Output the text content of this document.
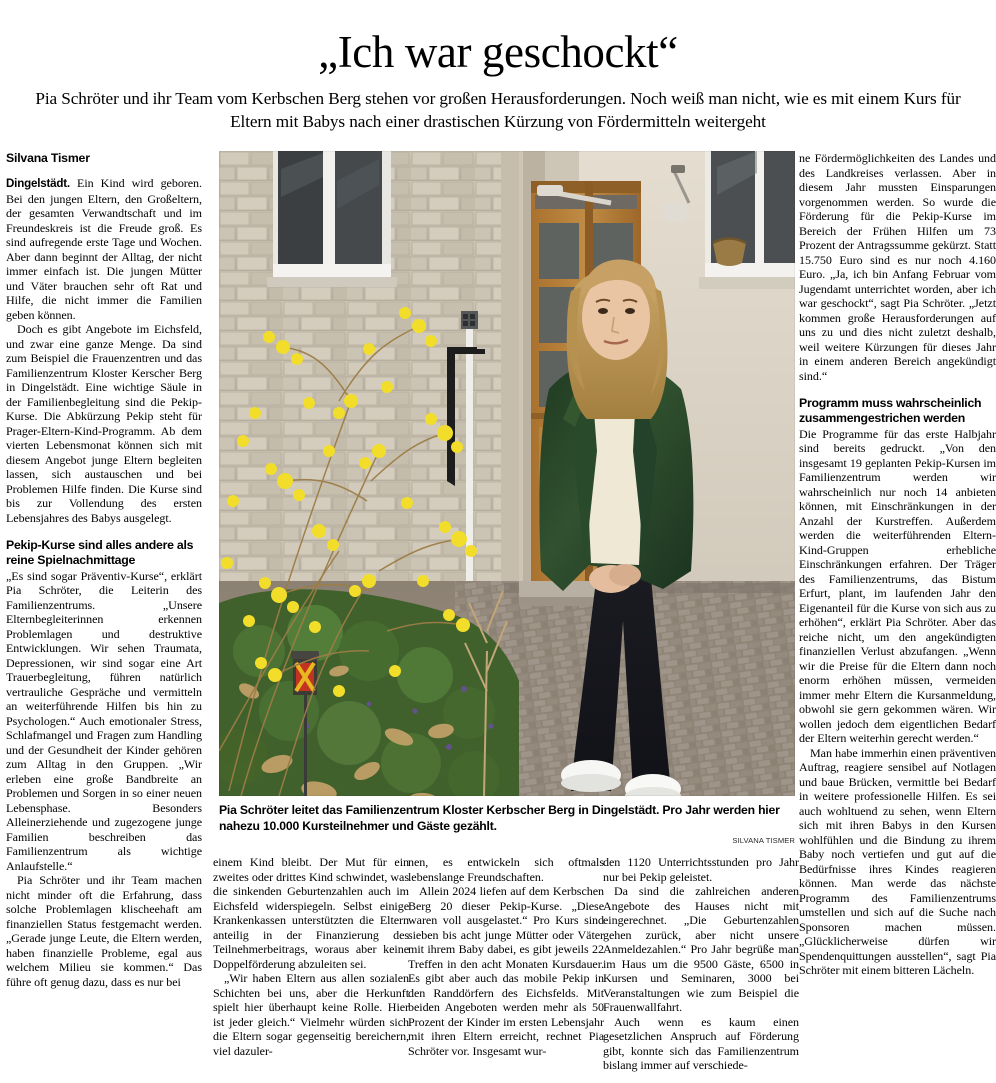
„Ich war geschockt“
Pia Schröter und ihr Team vom Kerbschen Berg stehen vor großen Herausforderungen. Noch weiß man nicht, wie es mit einem Kurs für Eltern mit Babys nach einer drastischen Kürzung von Fördermitteln weitergeht
Silvana Tismer

Dingelstädt. Ein Kind wird geboren. Bei den jungen Eltern, den Großeltern, der gesamten Verwandtschaft und im Freundeskreis ist die Freude groß. Es sind aufregende erste Tage und Wochen. Aber dann beginnt der Alltag, der nicht immer einfach ist. Die jungen Mütter und Väter brauchen sehr oft Rat und Hilfe, die nicht immer die Familien geben können.

Doch es gibt Angebote im Eichsfeld, und zwar eine ganze Menge. Da sind zum Beispiel die Frauenzentren und das Familienzentrum Kloster Kerscher Berg in Dingelstädt. Eine wichtige Säule in der Familienbegleitung sind die Pekip-Kurse. Die Abkürzung Pekip steht für Prager-Eltern-Kind-Programm. Ab dem vierten Lebensmonat können sich mit diesem Angebot junge Eltern begleiten lassen, sich austauschen und bei Problemen Hilfe finden. Die Kurse sind bis zur Vollendung des ersten Lebensjahres des Babys ausgelegt.

Pekip-Kurse sind alles andere als reine Spielnachmittage

„Es sind sogar Präventiv-Kurse“, erklärt Pia Schröter, die Leiterin des Familienzentrums. „Unsere Elternbegleiterinnen erkennen Problemlagen und destruktive Entwicklungen. Wir sehen Traumata, Depressionen, wir sind sogar eine Art Trauerbegleitung, führen natürlich vertrauliche Gespräche und vermitteln an weiterführende Hilfen bis hin zu Psychologen.“ Auch emotionaler Stress, Schlafmangel und Fragen zum Handling und der Gesundheit der Kinder gehören zum Alltag in den Gruppen. „Wir erleben eine große Bandbreite an Problemen und Sorgen in so einer neuen Lebensphase. Besonders Alleinerziehende und zugezogene junge Familien beschreiben das Familienzentrum als wichtige Anlaufstelle.“

Pia Schröter und ihr Team machen nicht minder oft die Erfahrung, dass solche Problemlagen klischeehaft am finanziellen Status festgemacht werden. „Gerade junge Leute, die Eltern werden, haben finanzielle Probleme, egal aus welchem Milieu sie kommen.“ Das führe oft genug dazu, dass es nur bei

Pia Schröter leitet das Familienzentrum Kloster Kerbscher Berg in Dingelstädt. Pro Jahr werden hier nahezu 10.000 Kursteilnehmer und Gäste gezählt.
SILVANA TISMER

ne Fördermöglichkeiten des Landes und des Landkreises verlassen. Aber in diesem Jahr mussten Einsparungen vorgenommen werden. So wurde die Förderung für die Pekip-Kurse im Bereich der Frühen Hilfen um 73 Prozent der Antragssumme gekürzt. Statt 15.750 Euro sind es nur noch 4.160 Euro. „Ja, ich bin Anfang Februar vom Jugendamt unterrichtet worden, aber ich war geschockt“, sagt Pia Schröter. „Jetzt kommen große Herausforderungen auf uns zu und dies nicht zuletzt deshalb, weil weitere Kürzungen für dieses Jahr in einem anderen Bereich angekündigt sind.“

Programm muss wahrscheinlich zusammengestrichen werden

Die Programme für das erste Halbjahr sind bereits gedruckt. „Von den insgesamt 19 geplanten Pekip-Kursen im Familienzentrum werden wir wahrscheinlich nur noch 14 anbieten können, mit Einschränkungen in der Anzahl der Kurstreffen. Außerdem werden die weiterführenden Eltern-Kind-Gruppen erhebliche Einschränkungen erfahren. Der Träger des Familienzentrums, das Bistum Erfurt, plant, im laufenden Jahr den Eigenanteil für die Kurse von sich aus zu erhöhen“, erklärt Pia Schröter. Aber das reiche nicht, um den angekündigten finanziellen Verlust abzufangen. „Wenn wir die Preise für die Eltern dann noch enorm erhöhen müssen, vermeiden immer mehr Eltern die Kursanmeldung, obwohl sie gern gekommen wären. Wir wollen jedoch dem eigentlichen Bedarf der Eltern weiterhin gerecht werden.“

Man habe immerhin einen präventiven Auftrag, reagiere sensibel auf Notlagen und baue Brücken, vermittle bei Bedarf in weitere professionelle Hilfen. Es sei auch wohltuend zu sehen, wenn Eltern sich mit ihren Babys in den Kursen wohlfühlen und die Bindung zu ihrem Baby noch vertiefen und gut auf die Bedürfnisse ihres Kindes reagieren können. Man werde das nächste Programm des Familienzentrums umstellen und sich auf die Suche nach Sponsoren machen müssen. „Glücklicherweise dürfen wir Spendenquittungen ausstellen“, sagt Pia Schröter mit einem bitteren Lächeln.

einem Kind bleibt. Der Mut für ein zweites oder drittes Kind schwindet, was die sinkenden Geburtenzahlen auch im Eichsfeld widerspiegeln. Selbst einige Krankenkassen unterstützten die Eltern anteilig in der Finanzierung des Teilnehmerbeitrags, woraus aber keine Doppelförderung abzuleiten sei.

„Wir haben Eltern aus allen sozialen Schichten bei uns, aber die Herkunft spielt hier überhaupt keine Rolle. Hier ist jeder gleich.“ Vielmehr würden sich die Eltern sogar gegenseitig bereichern, viel dazuler-

nen, es entwickeln sich oftmals lebenslange Freundschaften.

Allein 2024 liefen auf dem Kerbschen Berg 20 dieser Pekip-Kurse. „Diese waren voll ausgelastet.“ Pro Kurs sind sieben bis acht junge Mütter oder Väter mit ihrem Baby dabei, es gibt jeweils 22 Treffen in den acht Monaten Kursdauer. Es gibt aber auch das mobile Pekip in den Randdörfern des Eichsfelds. Mit beiden Angeboten werden mehr als 50 Prozent der Kinder im ersten Lebensjahr mit ihren Eltern erreicht, rechnet Pia Schröter vor. Insgesamt wur-

den 1120 Unterrichtsstunden pro Jahr nur bei Pekip geleistet.

Da sind die zahlreichen anderen Angebote des Hauses nicht mit eingerechnet. „Die Geburtenzahlen gehen zurück, aber nicht unsere Anmeldezahlen.“ Pro Jahr begrüße man im Haus um die 9500 Gäste, 6500 in Kursen und Seminaren, 3000 bei Veranstaltungen wie zum Beispiel die Frauenwallfahrt.

Auch wenn es kaum einen gesetzlichen Anspruch auf Förderung gibt, konnte sich das Familienzentrum bislang immer auf verschiede-
